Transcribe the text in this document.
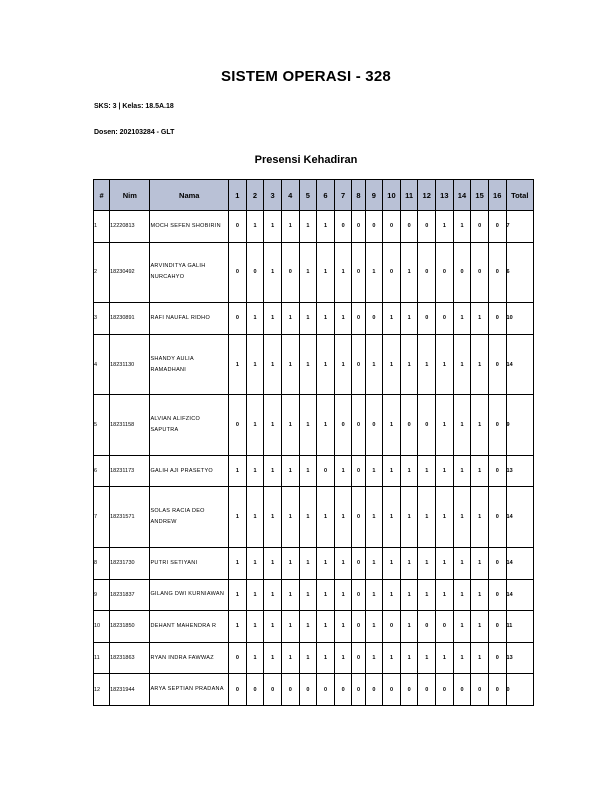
SISTEM OPERASI - 328
SKS: 3 | Kelas: 18.5A.18
Dosen: 202103284 - GLT
Presensi Kehadiran
#	Nim	Nama	1	2	3	4	5	6	7	8	9	10	11	12	13	14	15	16	Total
1	12220813	MOCH SEFEN SHOBIRIN	0	1	1	1	1	1	0	0	0	0	0	0	1	1	0	0	7
2	18230492	ARVINDITYA GALIH NURCAHYO	0	0	1	0	1	1	1	0	1	0	1	0	0	0	0	0	6
3	18230891	RAFI NAUFAL RIDHO	0	1	1	1	1	1	1	0	0	1	1	0	0	1	1	0	10
4	18231130	SHANDY AULIA RAMADHANI	1	1	1	1	1	1	1	0	1	1	1	1	1	1	1	0	14
5	18231158	ALVIAN ALIFZICO SAPUTRA	0	1	1	1	1	1	0	0	0	1	0	0	1	1	1	0	9
6	18231173	GALIH AJI PRASETYO	1	1	1	1	1	0	1	0	1	1	1	1	1	1	1	0	13
7	18231571	SOLAS RACIA DEO ANDREW	1	1	1	1	1	1	1	0	1	1	1	1	1	1	1	0	14
8	18231730	PUTRI SETIYANI	1	1	1	1	1	1	1	0	1	1	1	1	1	1	1	0	14
9	18231837	GILANG DWI KURNIAWAN	1	1	1	1	1	1	1	0	1	1	1	1	1	1	1	0	14
10	18231850	DEHANT MAHENDRA R	1	1	1	1	1	1	1	0	1	0	1	0	0	1	1	0	11
11	18231863	RYAN INDRA FAWWAZ	0	1	1	1	1	1	1	0	1	1	1	1	1	1	1	0	13
12	18231944	ARYA SEPTIAN PRADANA	0	0	0	0	0	0	0	0	0	0	0	0	0	0	0	0	0
